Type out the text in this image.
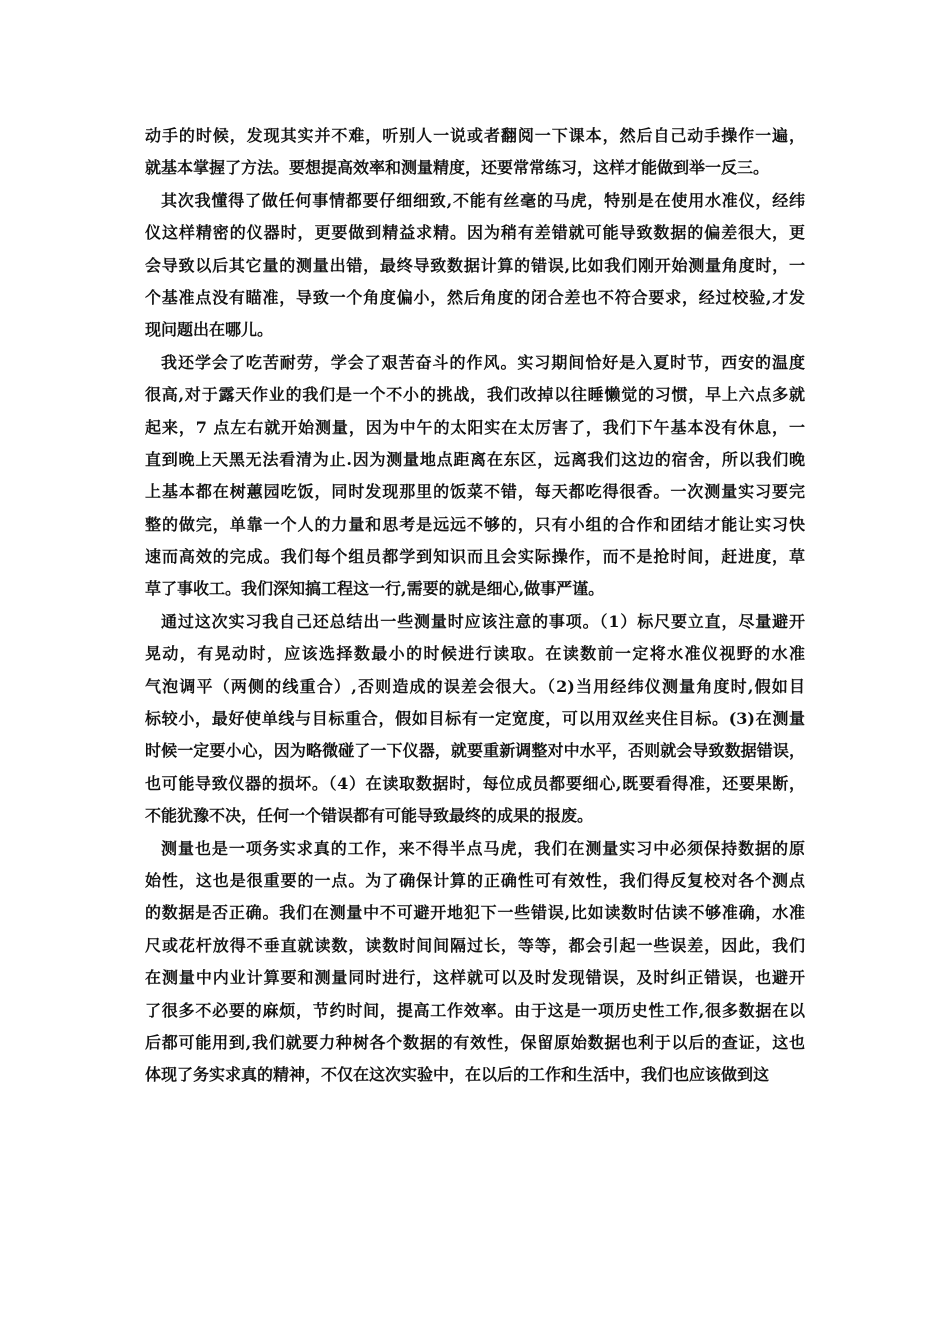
动手的时候，发现其实并不难，听别人一说或者翻阅一下课本，然后自己动手操作一遍，
就基本掌握了方法。要想提高效率和测量精度，还要常常练习，这样才能做到举一反三。

其次我懂得了做任何事情都要仔细细致,不能有丝毫的马虎，特别是在使用水准仪，经纬
仪这样精密的仪器时，更要做到精益求精。因为稍有差错就可能导致数据的偏差很大，更
会导致以后其它量的测量出错，最终导致数据计算的错误,比如我们刚开始测量角度时，一
个基准点没有瞄准，导致一个角度偏小，然后角度的闭合差也不符合要求，经过校验,才发
现问题出在哪儿。

我还学会了吃苦耐劳，学会了艰苦奋斗的作风。实习期间恰好是入夏时节，西安的温度
很高,对于露天作业的我们是一个不小的挑战，我们改掉以往睡懒觉的习惯，早上六点多就
起来，7 点左右就开始测量，因为中午的太阳实在太厉害了，我们下午基本没有休息，一
直到晚上天黑无法看清为止.因为测量地点距离在东区，远离我们这边的宿舍，所以我们晚
上基本都在树蕙园吃饭，同时发现那里的饭菜不错，每天都吃得很香。一次测量实习要完
整的做完，单靠一个人的力量和思考是远远不够的，只有小组的合作和团结才能让实习快
速而高效的完成。我们每个组员都学到知识而且会实际操作，而不是抢时间，赶进度，草
草了事收工。我们深知搞工程这一行,需要的就是细心,做事严谨。

通过这次实习我自己还总结出一些测量时应该注意的事项。（1）标尺要立直，尽量避开
晃动，有晃动时，应该选择数最小的时候进行读取。在读数前一定将水准仪视野的水准
气泡调平（两侧的线重合）,否则造成的误差会很大。（2)当用经纬仪测量角度时,假如目
标较小，最好使单线与目标重合，假如目标有一定宽度，可以用双丝夹住目标。(3)在测量
时候一定要小心，因为略微碰了一下仪器，就要重新调整对中水平，否则就会导致数据错误，
也可能导致仪器的损坏。（4）在读取数据时，每位成员都要细心,既要看得准，还要果断，
不能犹豫不决，任何一个错误都有可能导致最终的成果的报废。

测量也是一项务实求真的工作，来不得半点马虎，我们在测量实习中必须保持数据的原
始性，这也是很重要的一点。为了确保计算的正确性可有效性，我们得反复校对各个测点
的数据是否正确。我们在测量中不可避开地犯下一些错误,比如读数时估读不够准确，水准
尺或花杆放得不垂直就读数，读数时间间隔过长，等等，都会引起一些误差，因此，我们
在测量中内业计算要和测量同时进行，这样就可以及时发现错误，及时纠正错误，也避开
了很多不必要的麻烦，节约时间，提高工作效率。由于这是一项历史性工作,很多数据在以
后都可能用到,我们就要力种树各个数据的有效性，保留原始数据也利于以后的查证，这也
体现了务实求真的精神，不仅在这次实验中，在以后的工作和生活中，我们也应该做到这
